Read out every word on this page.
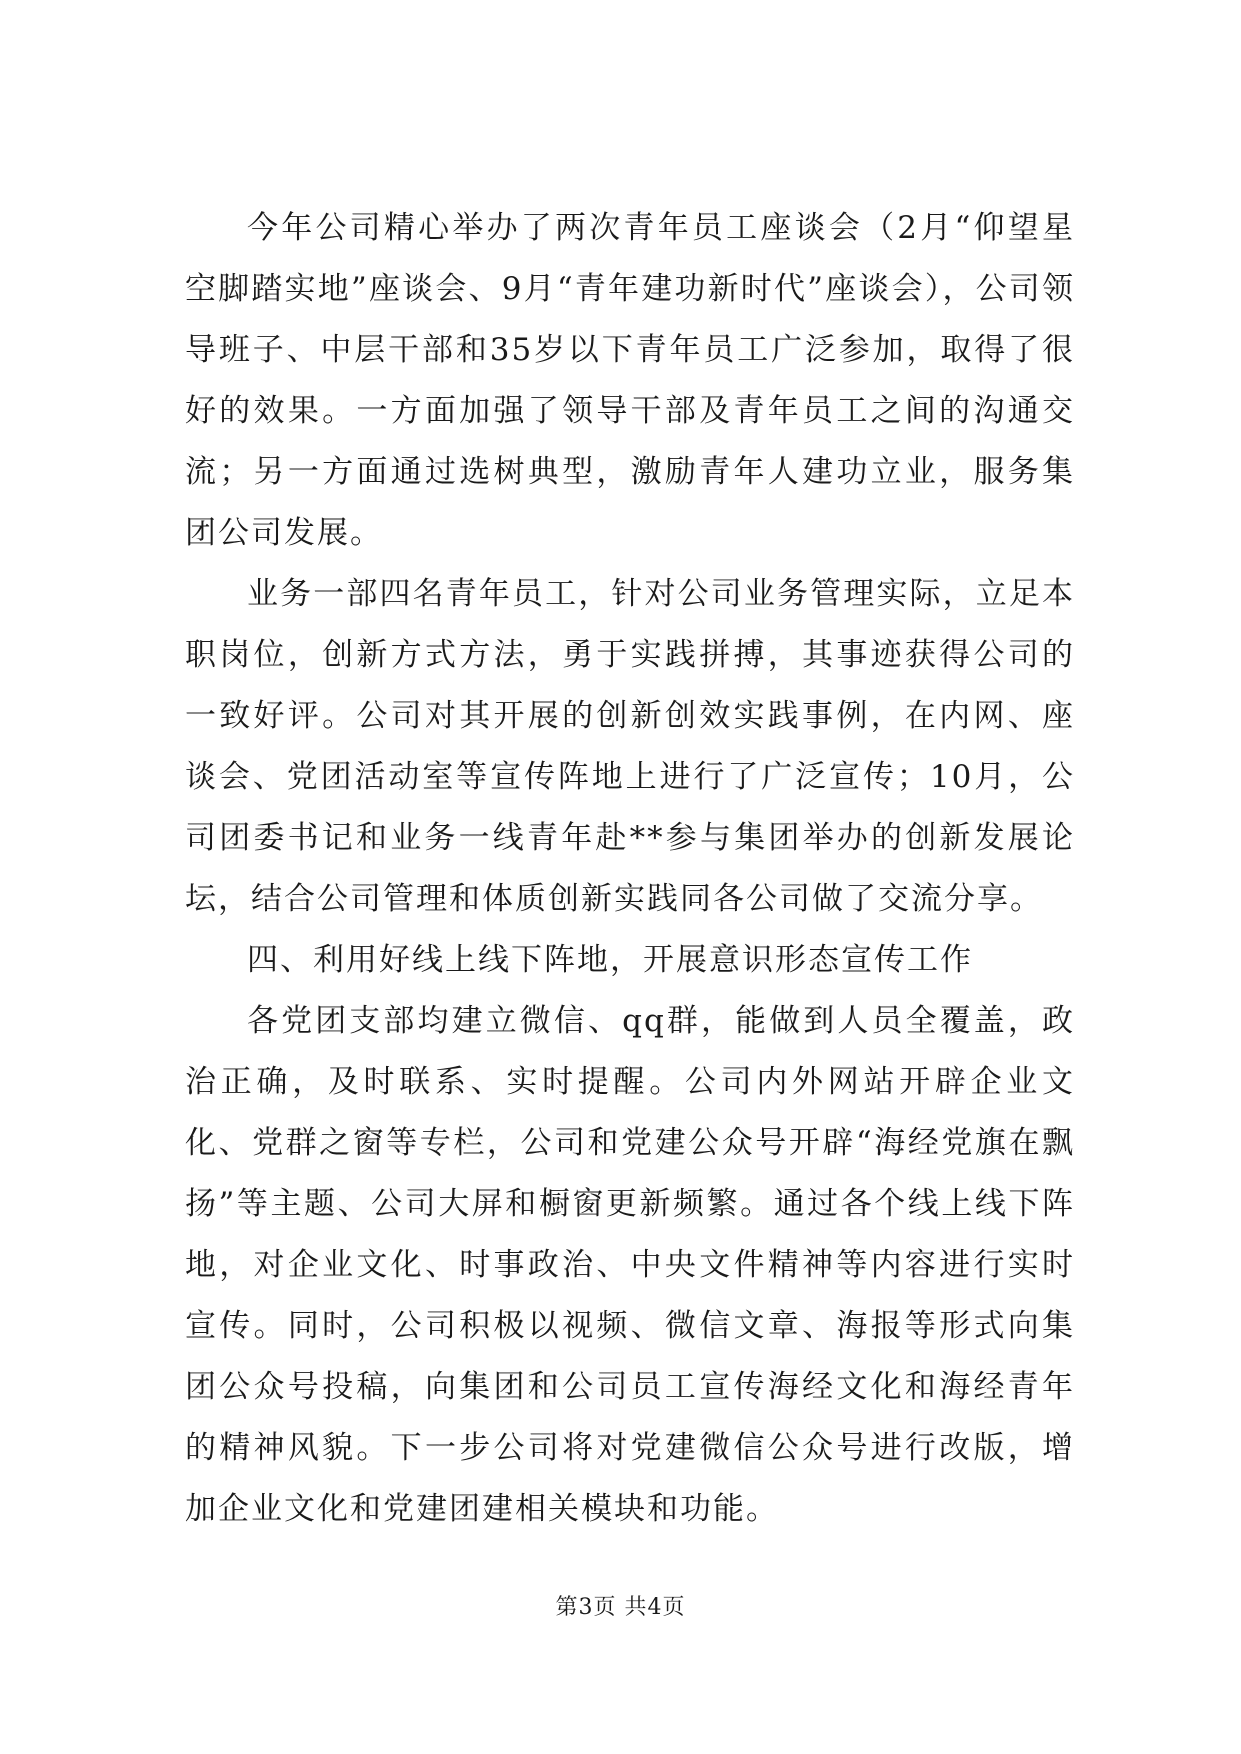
今年公司精心举办了两次青年员工座谈会（2月“仰望星空脚踏实地”座谈会、9月“青年建功新时代”座谈会），公司领导班子、中层干部和35岁以下青年员工广泛参加，取得了很好的效果。一方面加强了领导干部及青年员工之间的沟通交流；另一方面通过选树典型，激励青年人建功立业，服务集团公司发展。

业务一部四名青年员工，针对公司业务管理实际，立足本职岗位，创新方式方法，勇于实践拼搏，其事迹获得公司的一致好评。公司对其开展的创新创效实践事例，在内网、座谈会、党团活动室等宣传阵地上进行了广泛宣传；10月，公司团委书记和业务一线青年赴**参与集团举办的创新发展论坛，结合公司管理和体质创新实践同各公司做了交流分享。

四、利用好线上线下阵地，开展意识形态宣传工作

各党团支部均建立微信、qq群，能做到人员全覆盖，政治正确，及时联系、实时提醒。公司内外网站开辟企业文化、党群之窗等专栏，公司和党建公众号开辟“海经党旗在飘扬”等主题、公司大屏和橱窗更新频繁。通过各个线上线下阵地，对企业文化、时事政治、中央文件精神等内容进行实时宣传。同时，公司积极以视频、微信文章、海报等形式向集团公众号投稿，向集团和公司员工宣传海经文化和海经青年的精神风貌。下一步公司将对党建微信公众号进行改版，增加企业文化和党建团建相关模块和功能。

第3页 共4页
